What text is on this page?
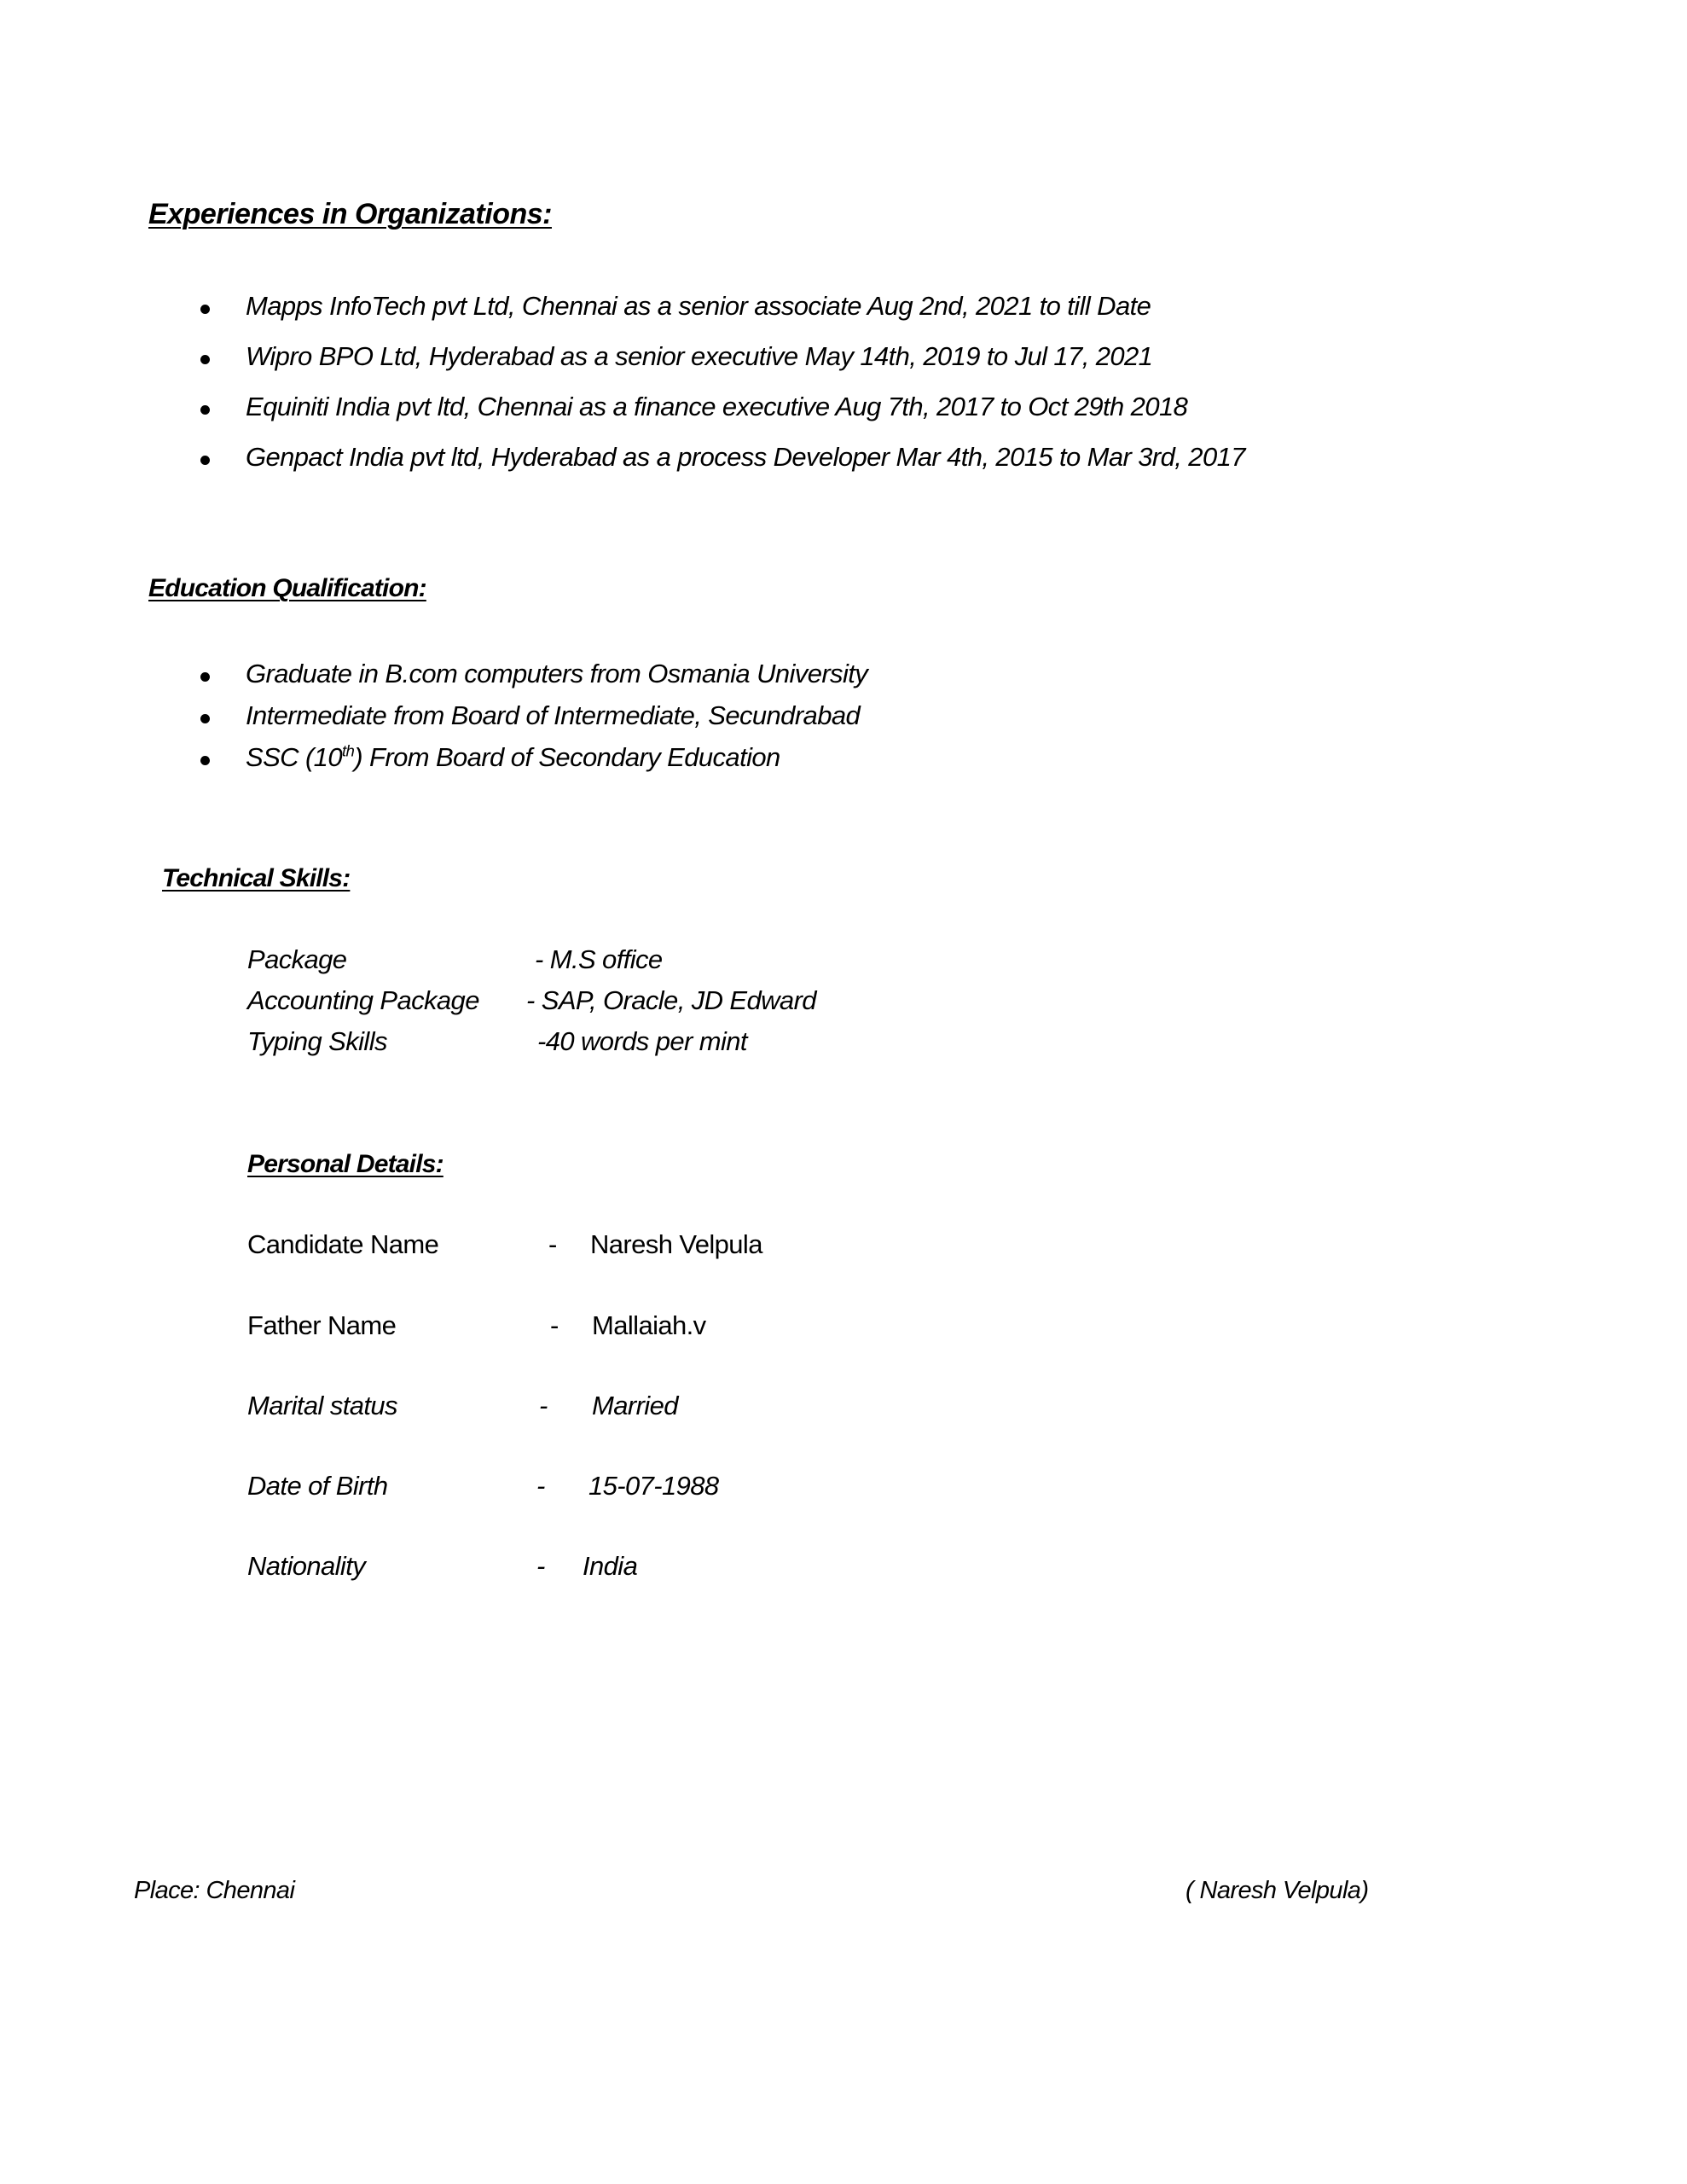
Experiences in Organizations:
Mapps InfoTech pvt Ltd, Chennai as a senior associate Aug 2nd, 2021 to till Date
Wipro BPO Ltd, Hyderabad as a senior executive May 14th, 2019 to Jul 17, 2021
Equiniti India pvt ltd, Chennai as a finance executive Aug 7th, 2017 to Oct 29th 2018
Genpact India pvt ltd, Hyderabad as a process Developer Mar 4th, 2015 to Mar 3rd, 2017
Education Qualification:
Graduate in B.com computers from Osmania University
Intermediate from Board of Intermediate, Secundrabad
SSC (10th) From Board of Secondary Education
Technical Skills:
Package	- M.S office
Accounting Package - SAP, Oracle, JD Edward
Typing Skills	-40 words per mint
Personal Details:
Candidate Name	- Naresh Velpula
Father Name	- Mallaiah.v
Marital status	- Married
Date of Birth	- 15-07-1988
Nationality	- India
Place: Chennai	( Naresh Velpula)
